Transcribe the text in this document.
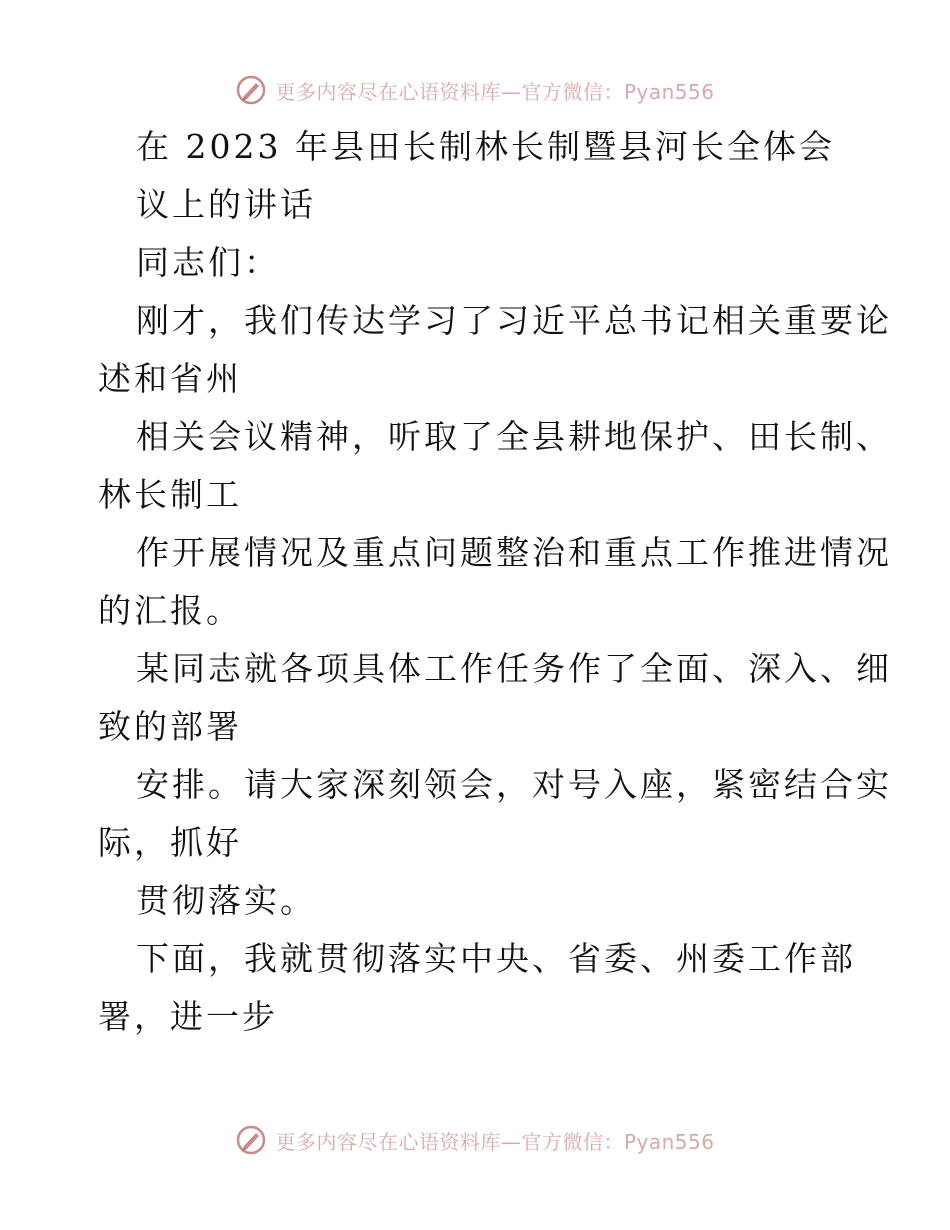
更多内容尽在心语资料库—官方微信：Pyan556
在 2023 年县田长制林长制暨县河长全体会
议上的讲话
同志们：
刚才，我们传达学习了习近平总书记相关重要论
述和省州
相关会议精神，听取了全县耕地保护、田长制、
林长制工
作开展情况及重点问题整治和重点工作推进情况
的汇报。
某同志就各项具体工作任务作了全面、深入、细
致的部署
安排。请大家深刻领会，对号入座，紧密结合实
际，抓好
贯彻落实。
下面，我就贯彻落实中央、省委、州委工作部
署，进一步
更多内容尽在心语资料库—官方微信：Pyan556
